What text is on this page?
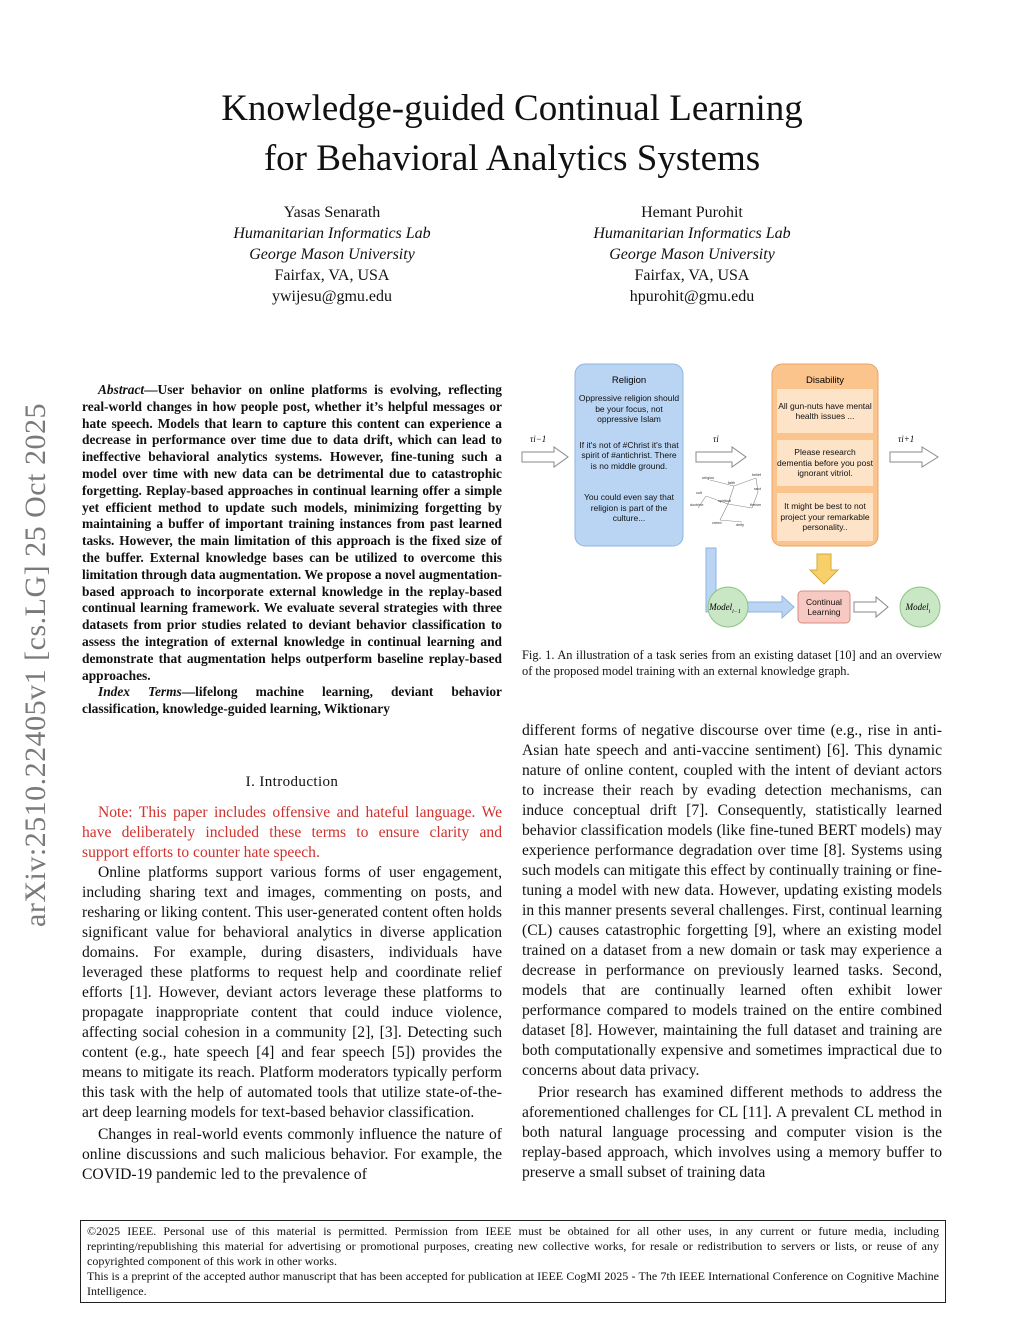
arXiv:2510.22405v1 [cs.LG] 25 Oct 2025
Knowledge-guided Continual Learning
for Behavioral Analytics Systems
Yasas Senarath
Humanitarian Informatics Lab
George Mason University
Fairfax, VA, USA
ywijesu@gmu.edu
Hemant Purohit
Humanitarian Informatics Lab
George Mason University
Fairfax, VA, USA
hpurohit@gmu.edu

Abstract—User behavior on online platforms is evolving, reflecting real-world changes in how people post, whether it’s helpful messages or hate speech. Models that learn to capture this content can experience a decrease in performance over time due to data drift, which can lead to ineffective behavioral analytics systems. However, fine-tuning such a model over time with new data can be detrimental due to catastrophic forgetting. Replay-based approaches in continual learning offer a simple yet efficient method to update such models, minimizing forgetting by maintaining a buffer of important training instances from past learned tasks. However, the main limitation of this approach is the fixed size of the buffer. External knowledge bases can be utilized to overcome this limitation through data augmentation. We propose a novel augmentation-based approach to incorporate external knowledge in the replay-based continual learning framework. We evaluate several strategies with three datasets from prior studies related to deviant behavior classification to assess the integration of external knowledge in continual learning and demonstrate that augmentation helps outperform baseline replay-based approaches.

Index Terms—lifelong machine learning, deviant behavior classification, knowledge-guided learning, Wiktionary

I. Introduction

Note: This paper includes offensive and hateful language. We have deliberately included these terms to ensure clarity and support efforts to counter hate speech.

Online platforms support various forms of user engagement, including sharing text and images, commenting on posts, and resharing or liking content. This user-generated content often holds significant value for behavioral analytics in diverse application domains. For example, during disasters, individuals have leveraged these platforms to request help and coordinate relief efforts [1]. However, deviant actors leverage these platforms to propagate inappropriate content that could induce violence, affecting social cohesion in a community [2], [3]. Detecting such content (e.g., hate speech [4] and fear speech [5]) provides the means to mitigate its reach. Platform moderators typically perform this task with the help of automated tools that utilize state-of-the-art deep learning models for text-based behavior classification.

Changes in real-world events commonly influence the nature of online discussions and such malicious behavior. For example, the COVID-19 pandemic led to the prevalence of

Religion
Oppressive religion should be your focus, not oppressive Islam
If it's not of #Christ it's that spirit of #antichrist. There is no middle ground.
You could even say that religion is part of the culture...
Disability
All gun-nuts have mental health issues ...
Please research dementia before you post ignorant vitriol.
It might be best to not project your remarkable personality..
τi−1	τi	τi+1
religion
faith
belief
spiritual
cult
theism
sect
doctrine
creed	deity
Model$_{i-1}$
Continual Learning	Model$_i$
Fig. 1. An illustration of a task series from an existing dataset [10] and an overview of the proposed model training with an external knowledge graph.

different forms of negative discourse over time (e.g., rise in anti-Asian hate speech and anti-vaccine sentiment) [6]. This dynamic nature of online content, coupled with the intent of deviant actors to increase their reach by evading detection mechanisms, can induce conceptual drift [7]. Consequently, statistically learned behavior classification models (like fine-tuned BERT models) may experience performance degradation over time [8]. Systems using such models can mitigate this effect by continually training or fine-tuning a model with new data. However, updating existing models in this manner presents several challenges. First, continual learning (CL) causes catastrophic forgetting [9], where an existing model trained on a dataset from a new domain or task may experience a decrease in performance on previously learned tasks. Second, models that are continually learned often exhibit lower performance compared to models trained on the entire combined dataset [8]. However, maintaining the full dataset and training are both computationally expensive and sometimes impractical due to concerns about data privacy.

Prior research has examined different methods to address the aforementioned challenges for CL [11]. A prevalent CL method in both natural language processing and computer vision is the replay-based approach, which involves using a memory buffer to preserve a small subset of training data

©2025 IEEE. Personal use of this material is permitted. Permission from IEEE must be obtained for all other uses, in any current or future media, including reprinting/republishing this material for advertising or promotional purposes, creating new collective works, for resale or redistribution to servers or lists, or reuse of any copyrighted component of this work in other works.

This is a preprint of the accepted author manuscript that has been accepted for publication at IEEE CogMI 2025 - The 7th IEEE International Conference on Cognitive Machine Intelligence.
